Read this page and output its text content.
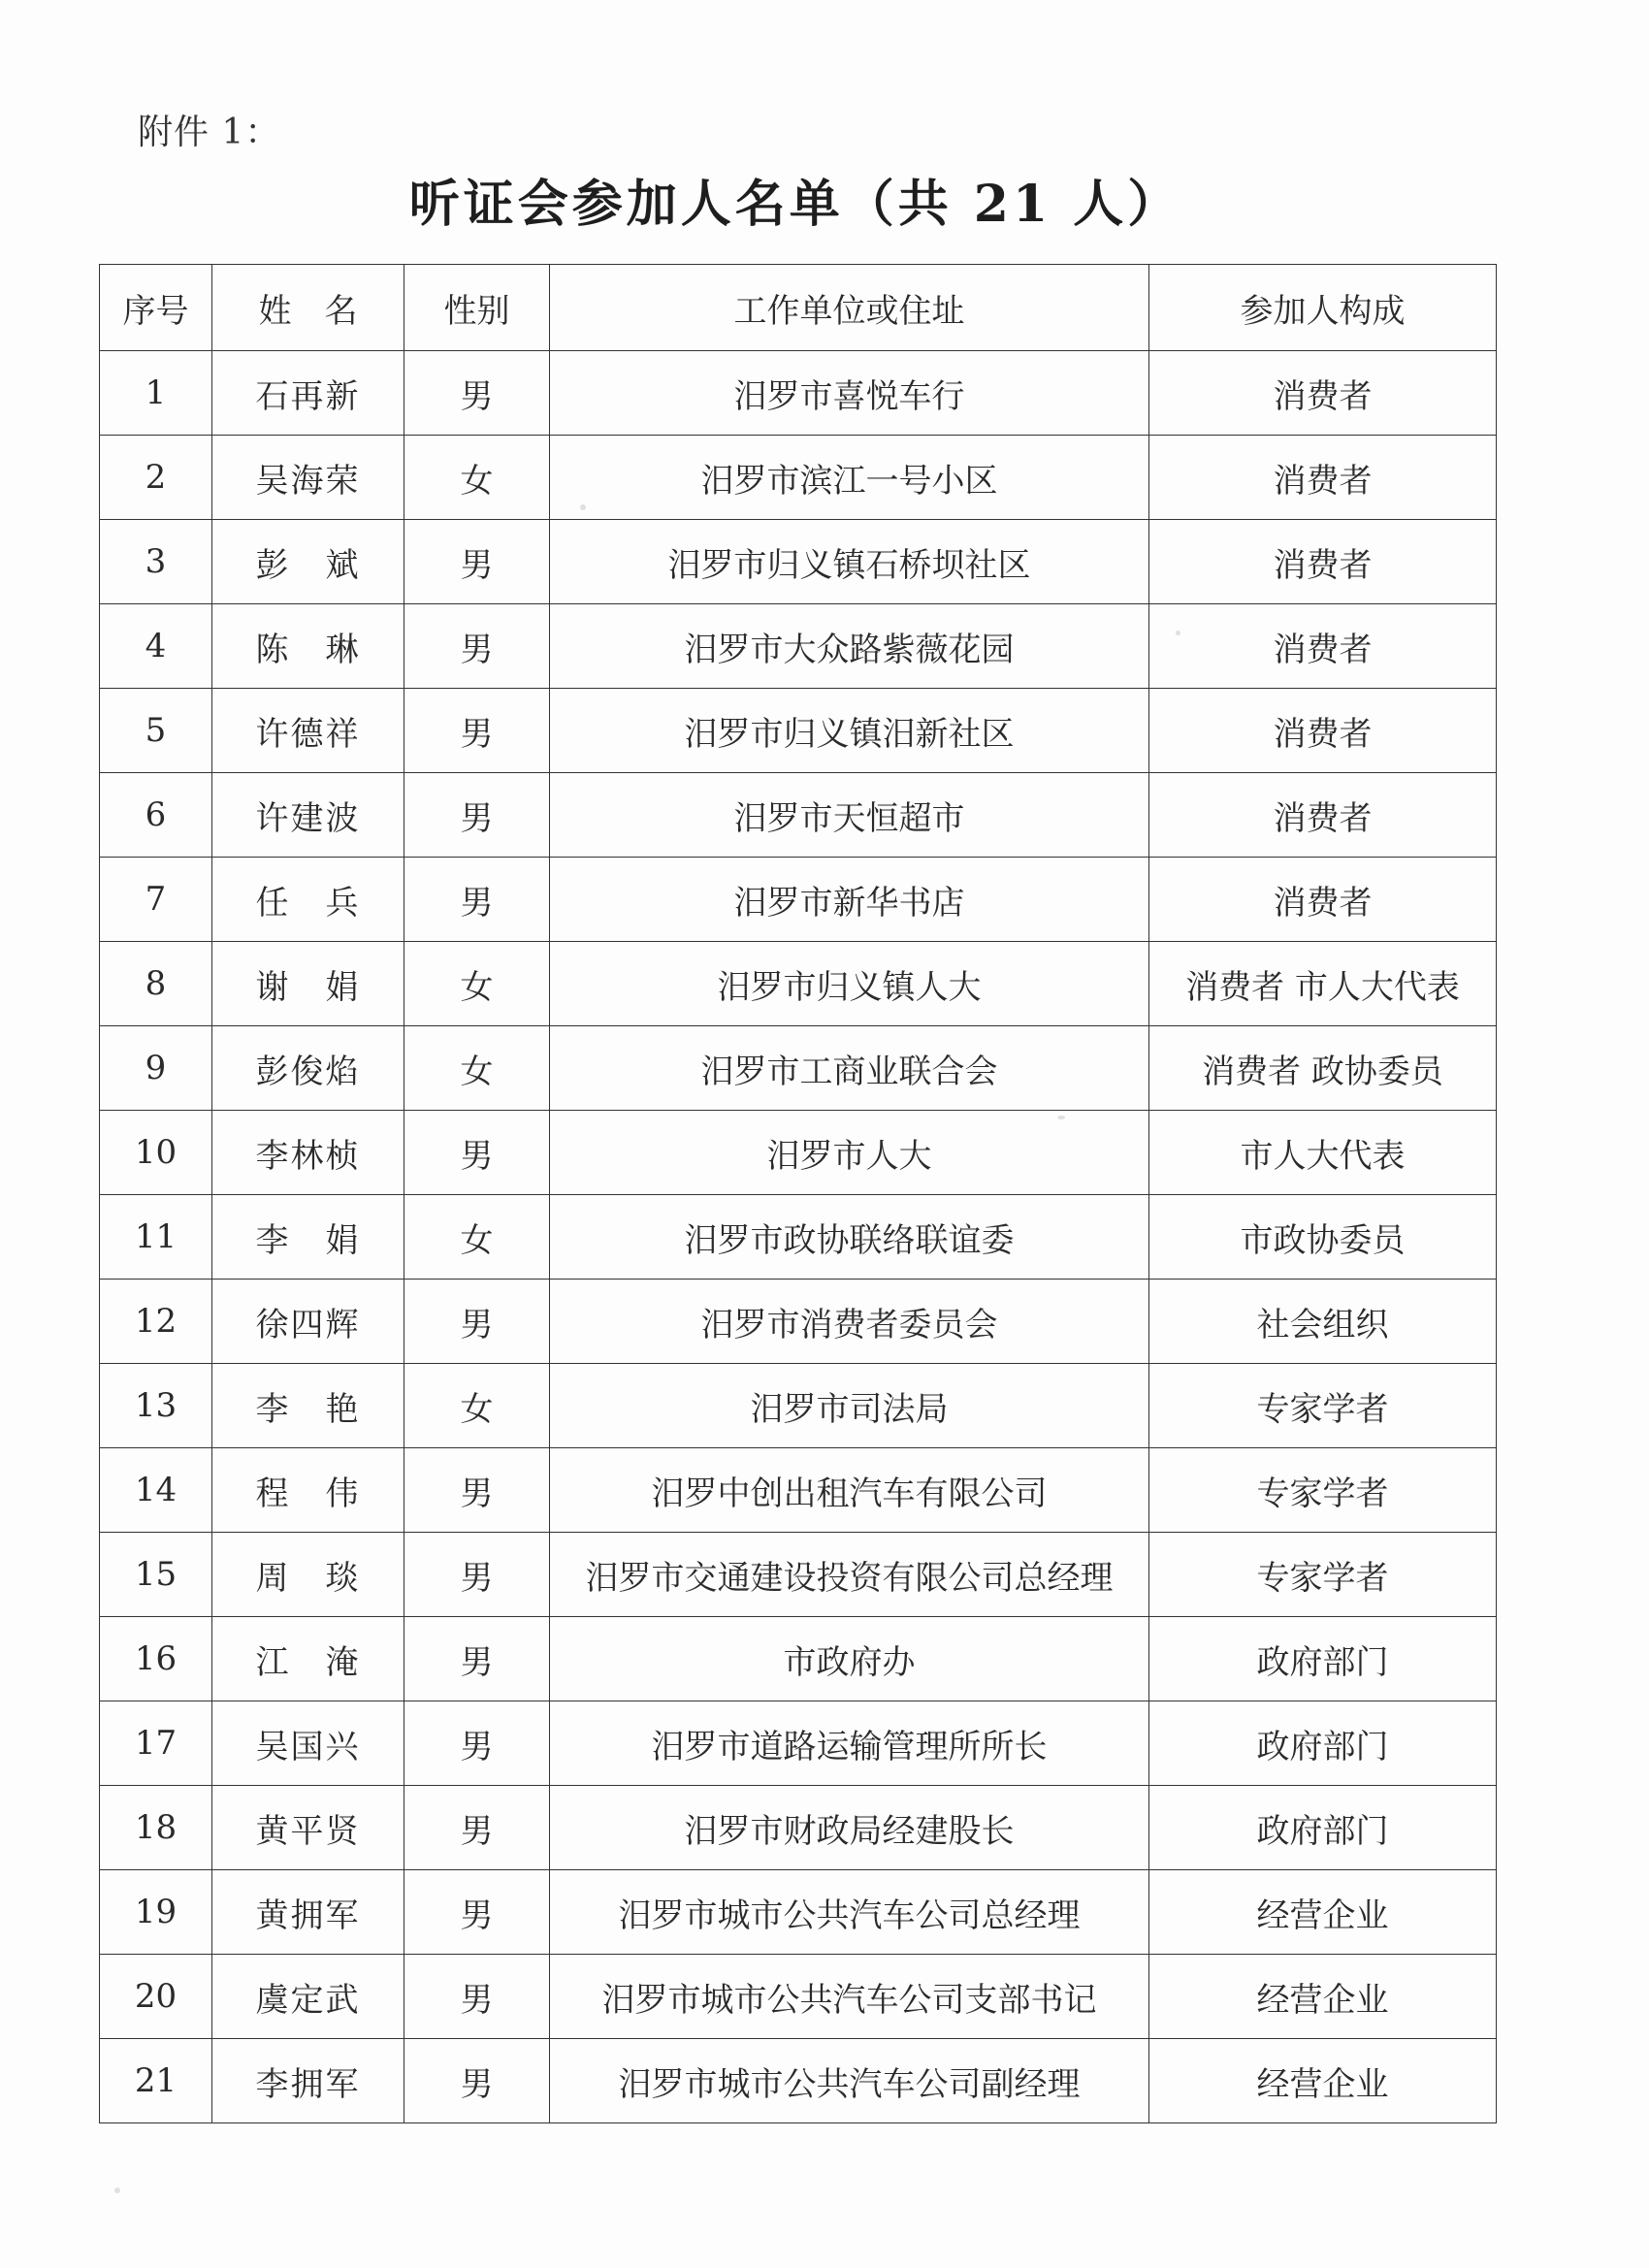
附件 1：
听证会参加人名单（共 21 人）
序号	姓　名	性别	工作单位或住址	参加人构成
1	石再新	男	汨罗市喜悦车行	消费者
2	吴海荣	女	汨罗市滨江一号小区	消费者
3	彭　斌	男	汨罗市归义镇石桥坝社区	消费者
4	陈　琳	男	汨罗市大众路紫薇花园	消费者
5	许德祥	男	汨罗市归义镇汨新社区	消费者
6	许建波	男	汨罗市天恒超市	消费者
7	任　兵	男	汨罗市新华书店	消费者
8	谢　娟	女	汨罗市归义镇人大	消费者 市人大代表
9	彭俊焰	女	汨罗市工商业联合会	消费者 政协委员
10	李林桢	男	汨罗市人大	市人大代表
11	李　娟	女	汨罗市政协联络联谊委	市政协委员
12	徐四辉	男	汨罗市消费者委员会	社会组织
13	李　艳	女	汨罗市司法局	专家学者
14	程　伟	男	汨罗中创出租汽车有限公司	专家学者
15	周　琰	男	汨罗市交通建设投资有限公司总经理	专家学者
16	江　淹	男	市政府办	政府部门
17	吴国兴	男	汨罗市道路运输管理所所长	政府部门
18	黄平贤	男	汨罗市财政局经建股长	政府部门
19	黄拥军	男	汨罗市城市公共汽车公司总经理	经营企业
20	虞定武	男	汨罗市城市公共汽车公司支部书记	经营企业
21	李拥军	男	汨罗市城市公共汽车公司副经理	经营企业
